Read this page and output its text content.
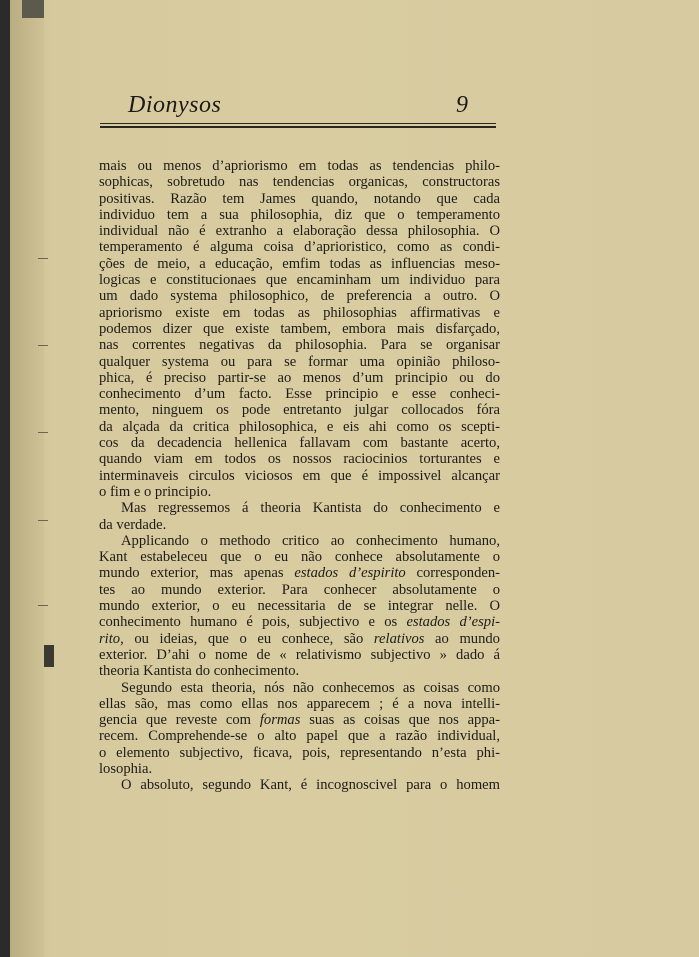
Dionysos	9
mais ou menos d’apriorismo em todas as tendencias philo-
sophicas, sobretudo nas tendencias organicas, constructoras
positivas. Razão tem James quando, notando que cada
individuo tem a sua philosophia, diz que o temperamento
individual não é extranho a elaboração dessa philosophia. O
temperamento é alguma coisa d’aprioristico, como as condi-
ções de meio, a educação, emfim todas as influencias meso-
logicas e constitucionaes que encaminham um individuo para
um dado systema philosophico, de preferencia a outro. O
apriorismo existe em todas as philosophias affirmativas e
podemos dizer que existe tambem, embora mais disfarçado,
nas correntes negativas da philosophia. Para se organisar
qualquer systema ou para se formar uma opinião philoso-
phica, é preciso partir-se ao menos d’um principio ou do
conhecimento d’um facto. Esse principio e esse conheci-
mento, ninguem os pode entretanto julgar collocados fóra
da alçada da critica philosophica, e eis ahi como os sceptі-
cos da decadencia hellenica fallavam com bastante acerto,
quando viam em todos os nossos raciocinios torturantes e
interminaveis circulos viciosos em que é impossivel alcançar
o fim e o principio.
Mas regressemos á theoria Kantista do conhecimento e
da verdade.
Applicando o methodo critico ao conhecimento humano,
Kant estabeleceu que o eu não conhece absolutamente o
mundo exterior, mas apenas estados d’espirito corresponden-
tes ao mundo exterior. Para conhecer absolutamente o
mundo exterior, o eu necessitaria de se integrar nelle. O
conhecimento humano é pois, subjectivo e os estados d’espi-
rito, ou ideias, que o eu conhece, são relativos ao mundo
exterior. D’ahi o nome de « relativismo subjectivo » dado á
theoria Kantista do conhecimento.
Segundo esta theoria, nós não conhecemos as coisas como
ellas são, mas como ellas nos apparecem ; é a nova intelli-
gencia que reveste com formas suas as coisas que nos appa-
recem. Comprehende-se o alto papel que a razão individual,
o elemento subjectivo, ficava, pois, representando n’esta phi-
losophia.
O absoluto, segundo Kant, é incognoscivel para o homem
